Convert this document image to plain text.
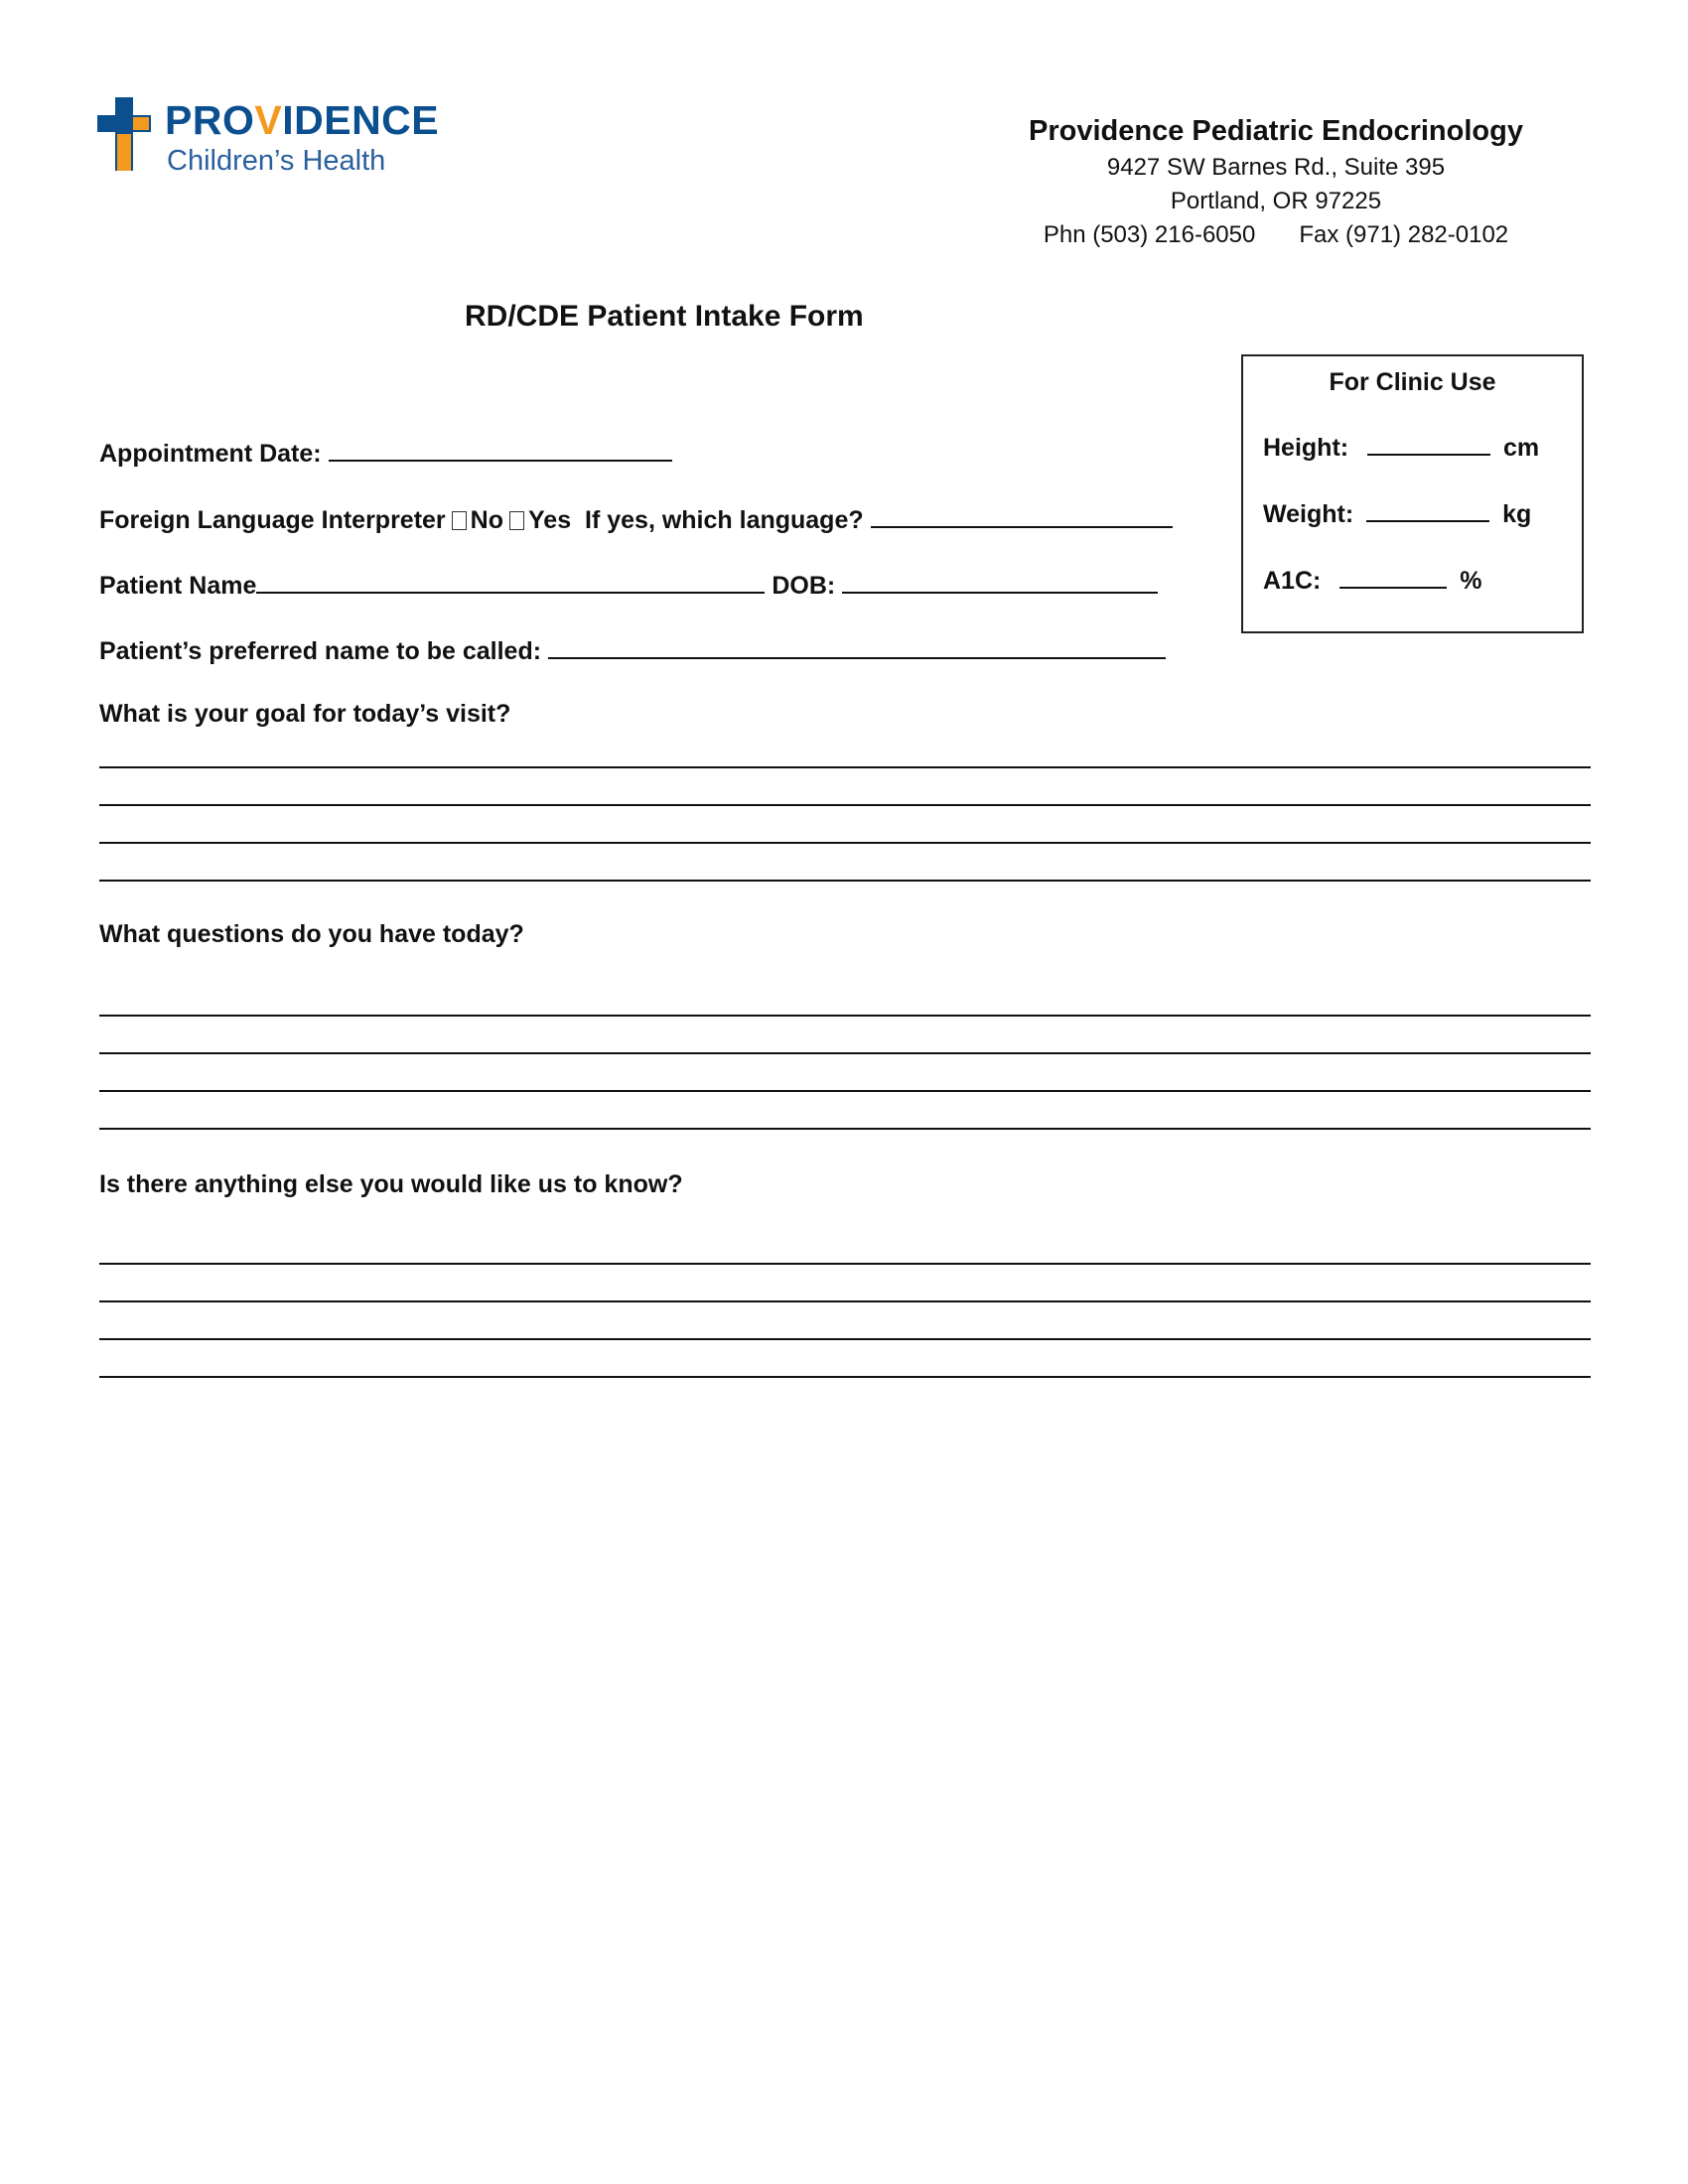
PROVIDENCE
Children’s Health
Providence Pediatric Endocrinology
9427 SW Barnes Rd., Suite 395
Portland, OR 97225
Phn (503) 216-6050 Fax (971) 282-0102
RD/CDE Patient Intake Form
For Clinic Use
Height:	cm
Weight:	kg
A1C:	%
Appointment Date:
Foreign Language Interpreter No Yes If yes, which language?
Patient Name	DOB:
Patient’s preferred name to be called:
What is your goal for today’s visit?
What questions do you have today?
Is there anything else you would like us to know?
